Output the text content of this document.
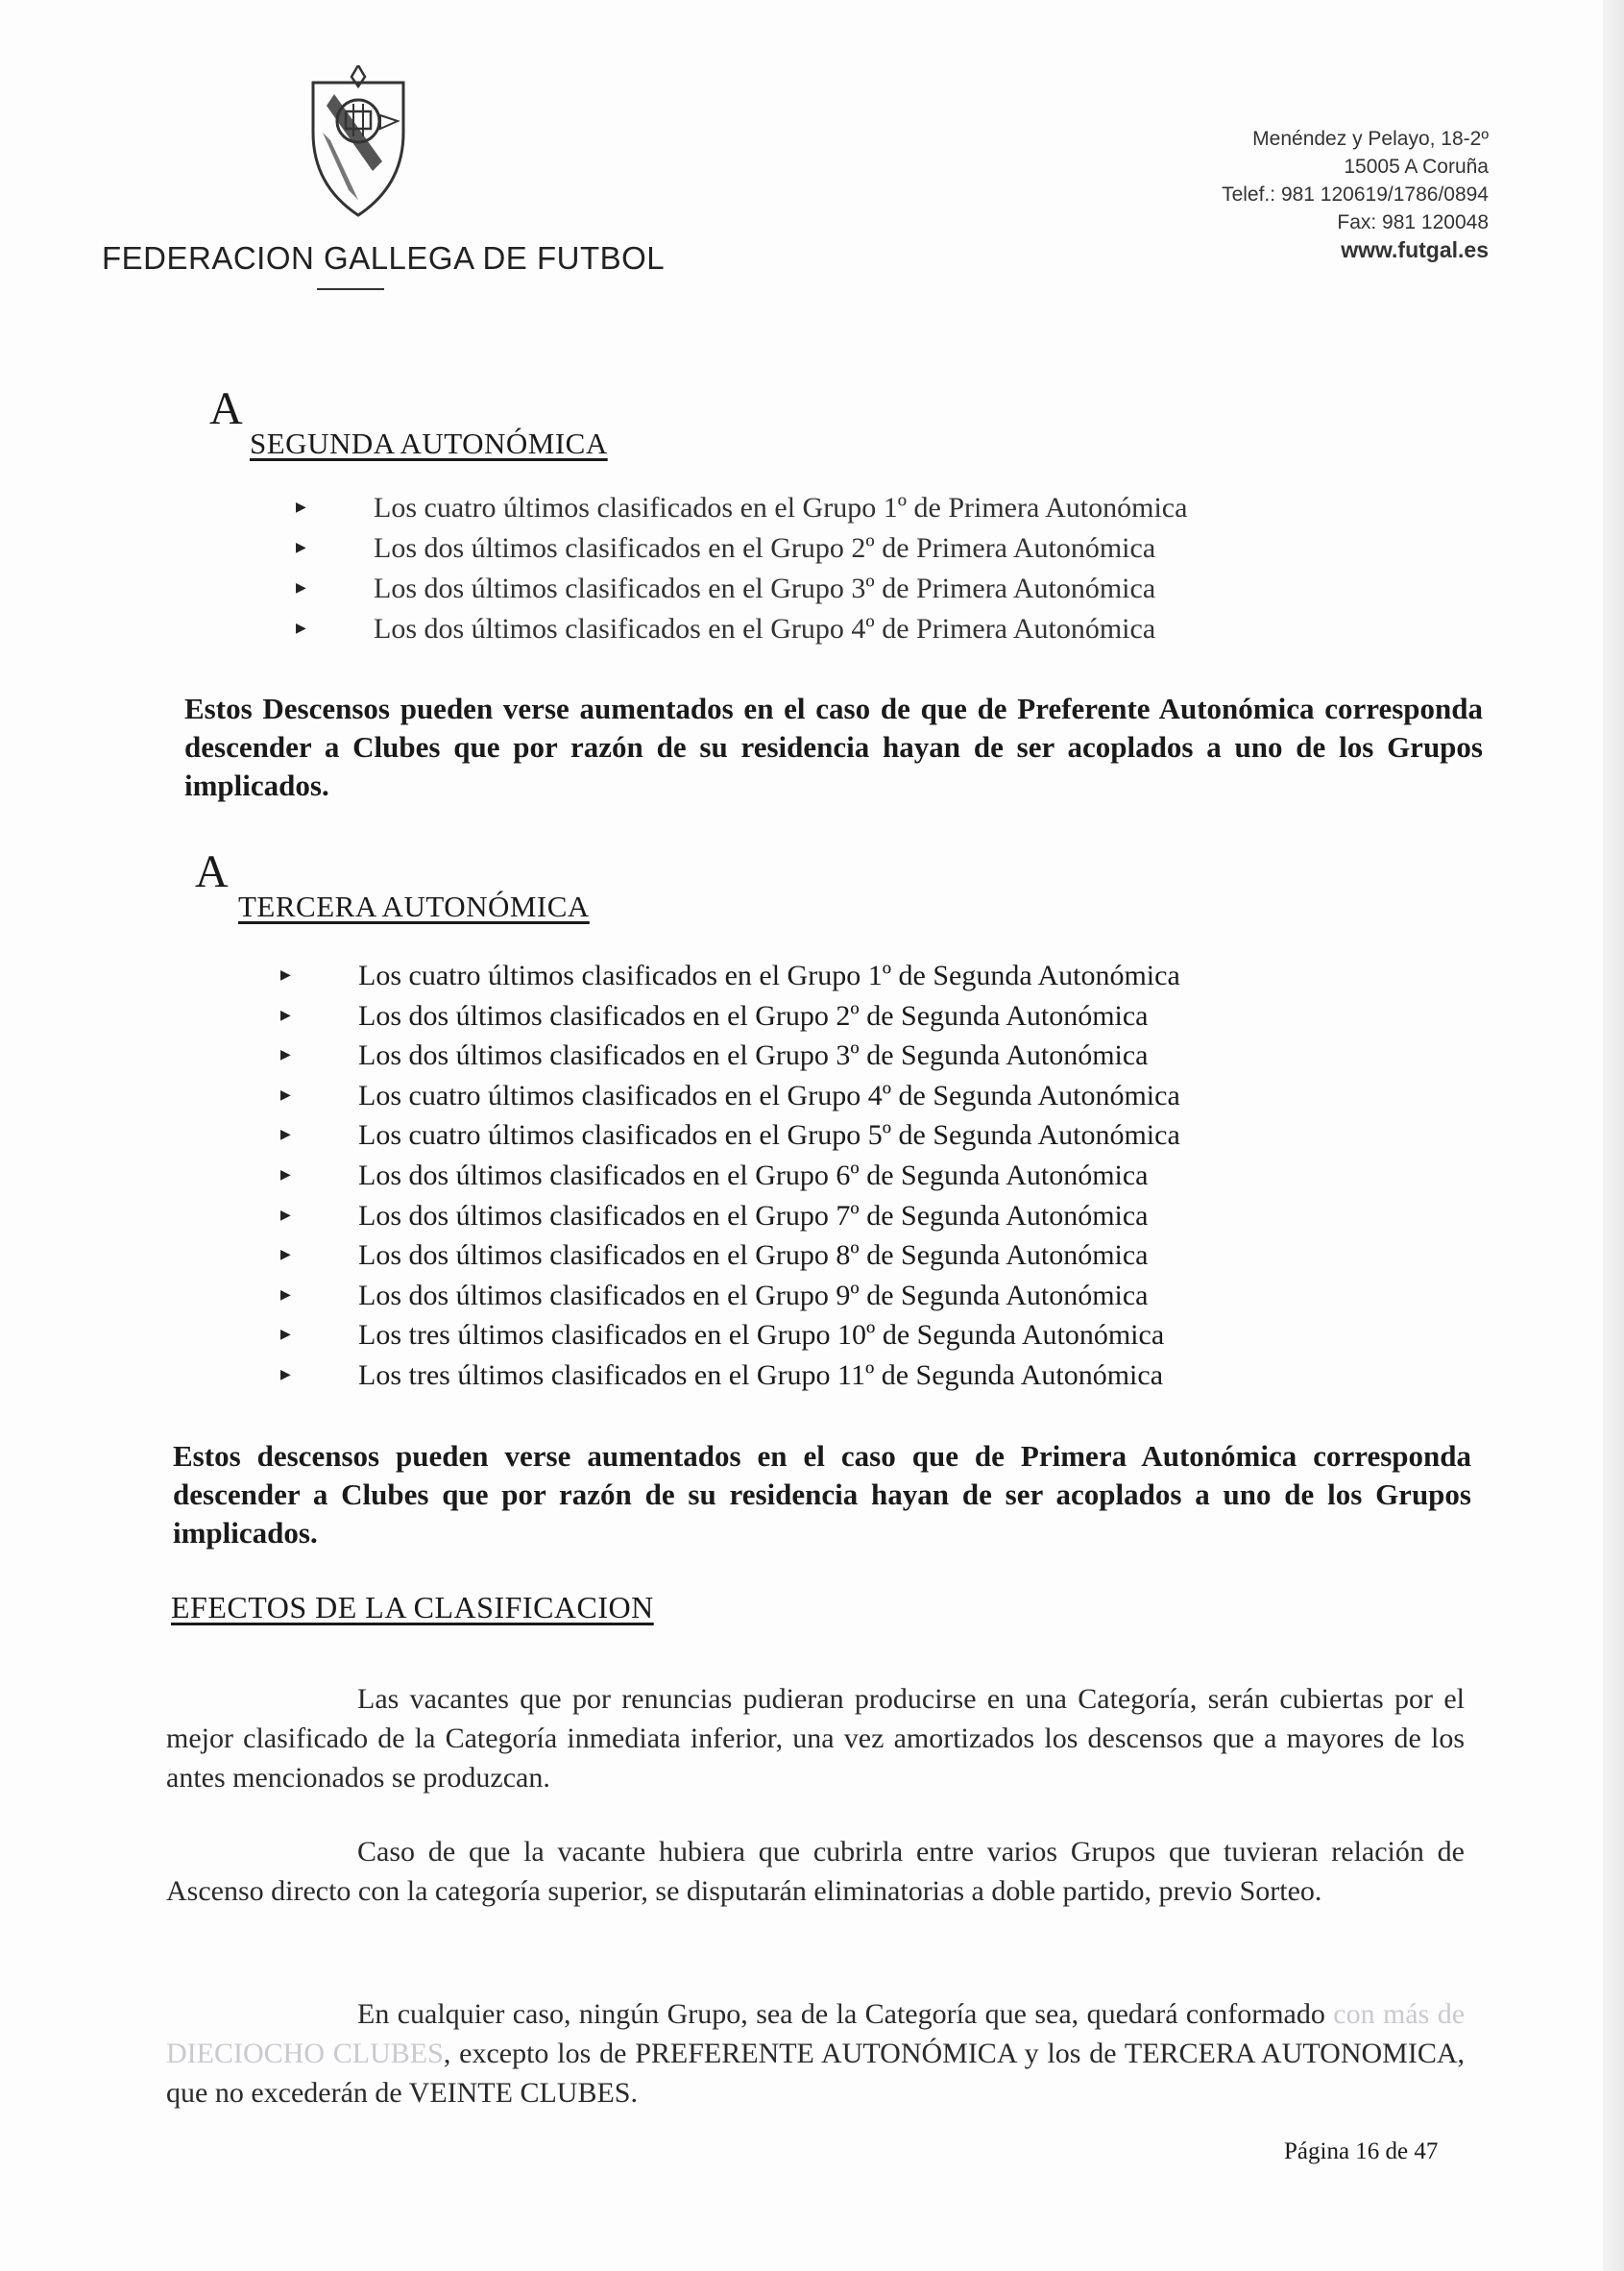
FEDERACION GALLEGA DE FUTBOL
Menéndez y Pelayo, 18-2º
15005 A Coruña
Telef.: 981 120619/1786/0894
Fax: 981 120048
www.futgal.es
A
SEGUNDA AUTONÓMICA
▶ Los cuatro últimos clasificados en el Grupo 1º de Primera Autonómica
▶ Los dos últimos clasificados en el Grupo 2º de Primera Autonómica
▶ Los dos últimos clasificados en el Grupo 3º de Primera Autonómica
▶ Los dos últimos clasificados en el Grupo 4º de Primera Autonómica

Estos Descensos pueden verse aumentados en el caso de que de Preferente Autonómica corresponda descender a Clubes que por razón de su residencia hayan de ser acoplados a uno de los Grupos implicados.

A
TERCERA AUTONÓMICA
▶ Los cuatro últimos clasificados en el Grupo 1º de Segunda Autonómica
▶ Los dos últimos clasificados en el Grupo 2º de Segunda Autonómica
▶ Los dos últimos clasificados en el Grupo 3º de Segunda Autonómica
▶ Los cuatro últimos clasificados en el Grupo 4º de Segunda Autonómica
▶ Los cuatro últimos clasificados en el Grupo 5º de Segunda Autonómica
▶ Los dos últimos clasificados en el Grupo 6º de Segunda Autonómica
▶ Los dos últimos clasificados en el Grupo 7º de Segunda Autonómica
▶ Los dos últimos clasificados en el Grupo 8º de Segunda Autonómica
▶ Los dos últimos clasificados en el Grupo 9º de Segunda Autonómica
▶ Los tres últimos clasificados en el Grupo 10º de Segunda Autonómica
▶ Los tres últimos clasificados en el Grupo 11º de Segunda Autonómica

Estos descensos pueden verse aumentados en el caso que de Primera Autonómica corresponda descender a Clubes que por razón de su residencia hayan de ser acoplados a uno de los Grupos implicados.

EFECTOS DE LA CLASIFICACION

Las vacantes que por renuncias pudieran producirse en una Categoría, serán cubiertas por el mejor clasificado de la Categoría inmediata inferior, una vez amortizados los descensos que a mayores de los antes mencionados se produzcan.

Caso de que la vacante hubiera que cubrirla entre varios Grupos que tuvieran relación de Ascenso directo con la categoría superior, se disputarán eliminatorias a doble partido, previo Sorteo.

En cualquier caso, ningún Grupo, sea de la Categoría que sea, quedará conformado con más de DIECIOCHO CLUBES, excepto los de PREFERENTE AUTONÓMICA y los de TERCERA AUTONOMICA, que no excederán de VEINTE CLUBES.

Página 16 de 47
